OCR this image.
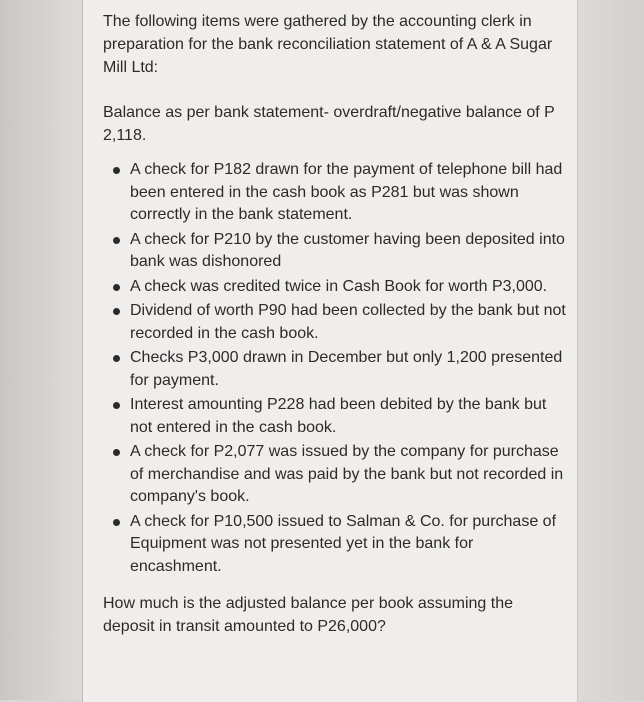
The following items were gathered by the accounting clerk in preparation for the bank reconciliation statement of A & A Sugar Mill Ltd:

Balance as per bank statement- overdraft/negative balance of P 2,118.

A check for P182 drawn for the payment of telephone bill had been entered in the cash book as P281 but was shown correctly in the bank statement.
A check for P210 by the customer having been deposited into bank was dishonored
A check was credited twice in Cash Book for worth P3,000.
Dividend of worth P90 had been collected by the bank but not recorded in the cash book.
Checks P3,000 drawn in December but only 1,200 presented for payment.
Interest amounting P228 had been debited by the bank but not entered in the cash book.
A check for P2,077 was issued by the company for purchase of merchandise and was paid by the bank but not recorded in company's book.
A check for P10,500 issued to Salman & Co. for purchase of Equipment was not presented yet in the bank for encashment.

How much is the adjusted balance per book assuming the deposit in transit amounted to P26,000?
